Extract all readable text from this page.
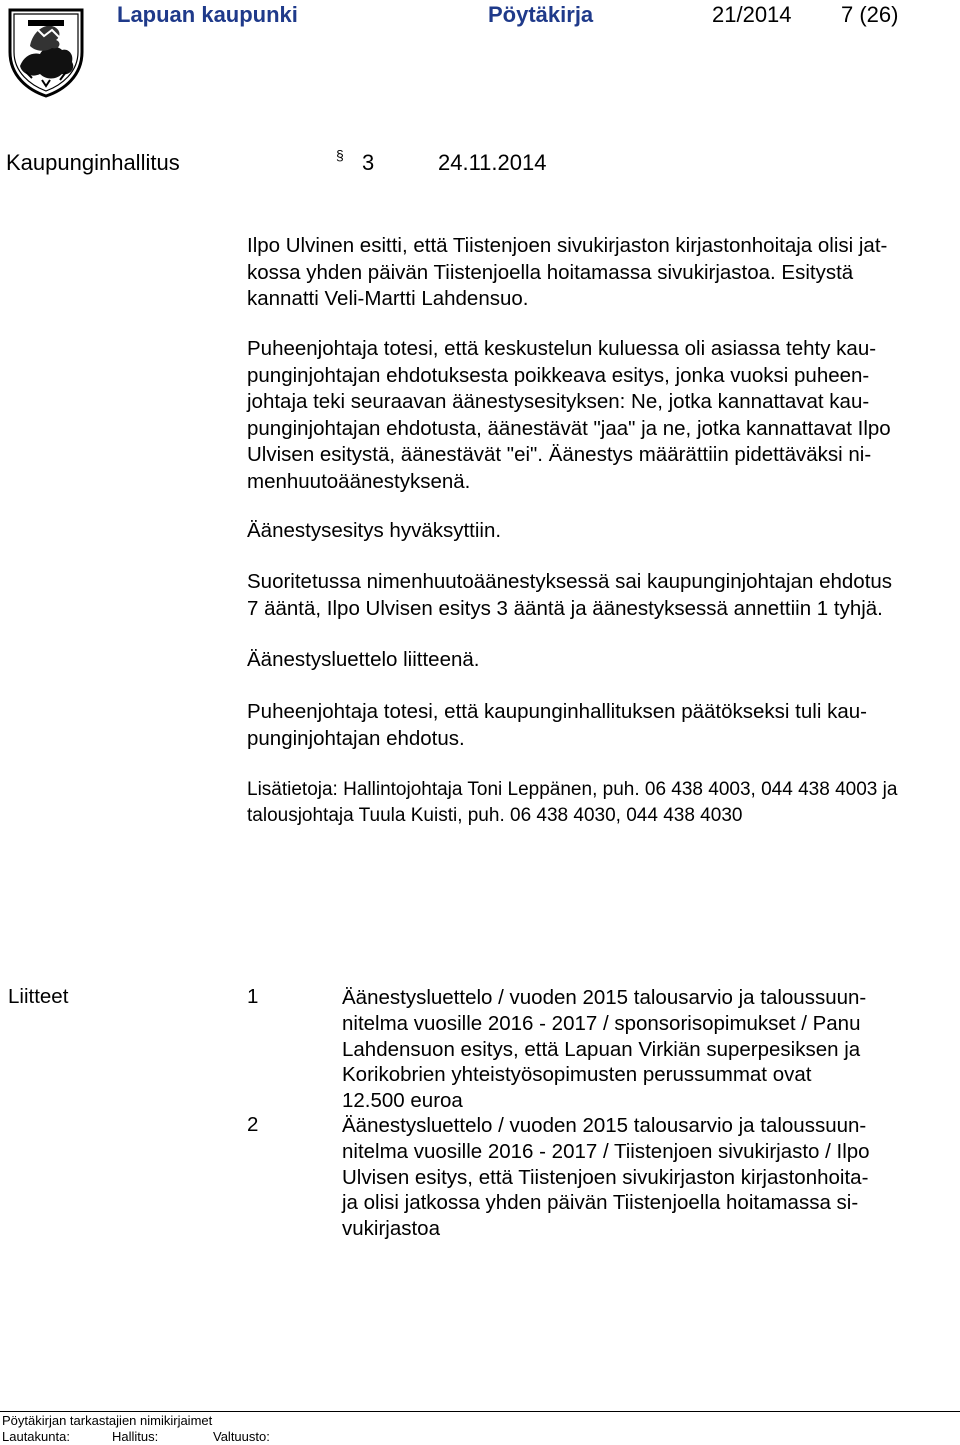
Lapuan kaupunki	Pöytäkirja	21/2014 7 (26)
Kaupunginhallitus	§ 3	24.11.2014
Ilpo Ulvinen esitti, että Tiistenjoen sivukirjaston kirjastonhoitaja olisi jat-
kossa yhden päivän Tiistenjoella hoitamassa sivukirjastoa. Esitystä
kannatti Veli-Martti Lahdensuo.
Puheenjohtaja totesi, että keskustelun kuluessa oli asiassa tehty kau-
punginjohtajan ehdotuksesta poikkeava esitys, jonka vuoksi puheen-
johtaja teki seuraavan äänestysesityksen: Ne, jotka kannattavat kau-
punginjohtajan ehdotusta, äänestävät "jaa" ja ne, jotka kannattavat Ilpo
Ulvisen esitystä, äänestävät "ei". Äänestys määrättiin pidettäväksi ni-
menhuutoäänestyksenä.
Äänestysesitys hyväksyttiin.
Suoritetussa nimenhuutoäänestyksessä sai kaupunginjohtajan ehdotus
7 ääntä, Ilpo Ulvisen esitys 3 ääntä ja äänestyksessä annettiin 1 tyhjä.
Äänestysluettelo liitteenä.
Puheenjohtaja totesi, että kaupunginhallituksen päätökseksi tuli kau-
punginjohtajan ehdotus.
Lisätietoja: Hallintojohtaja Toni Leppänen, puh. 06 438 4003, 044 438 4003 ja
talousjohtaja Tuula Kuisti, puh. 06 438 4030, 044 438 4030
Liitteet	1	Äänestysluettelo / vuoden 2015 talousarvio ja taloussuun-
nitelma vuosille 2016 - 2017 / sponsorisopimukset / Panu
Lahdensuon esitys, että Lapuan Virkiän superpesiksen ja
Korikobrien yhteistyösopimusten perussummat ovat
12.500 euroa
2	Äänestysluettelo / vuoden 2015 talousarvio ja taloussuun-
nitelma vuosille 2016 - 2017 / Tiistenjoen sivukirjasto / Ilpo
Ulvisen esitys, että Tiistenjoen sivukirjaston kirjastonhoita-
ja olisi jatkossa yhden päivän Tiistenjoella hoitamassa si-
vukirjastoa
Pöytäkirjan tarkastajien nimikirjaimet
Lautakunta:	Hallitus:	Valtuusto:
